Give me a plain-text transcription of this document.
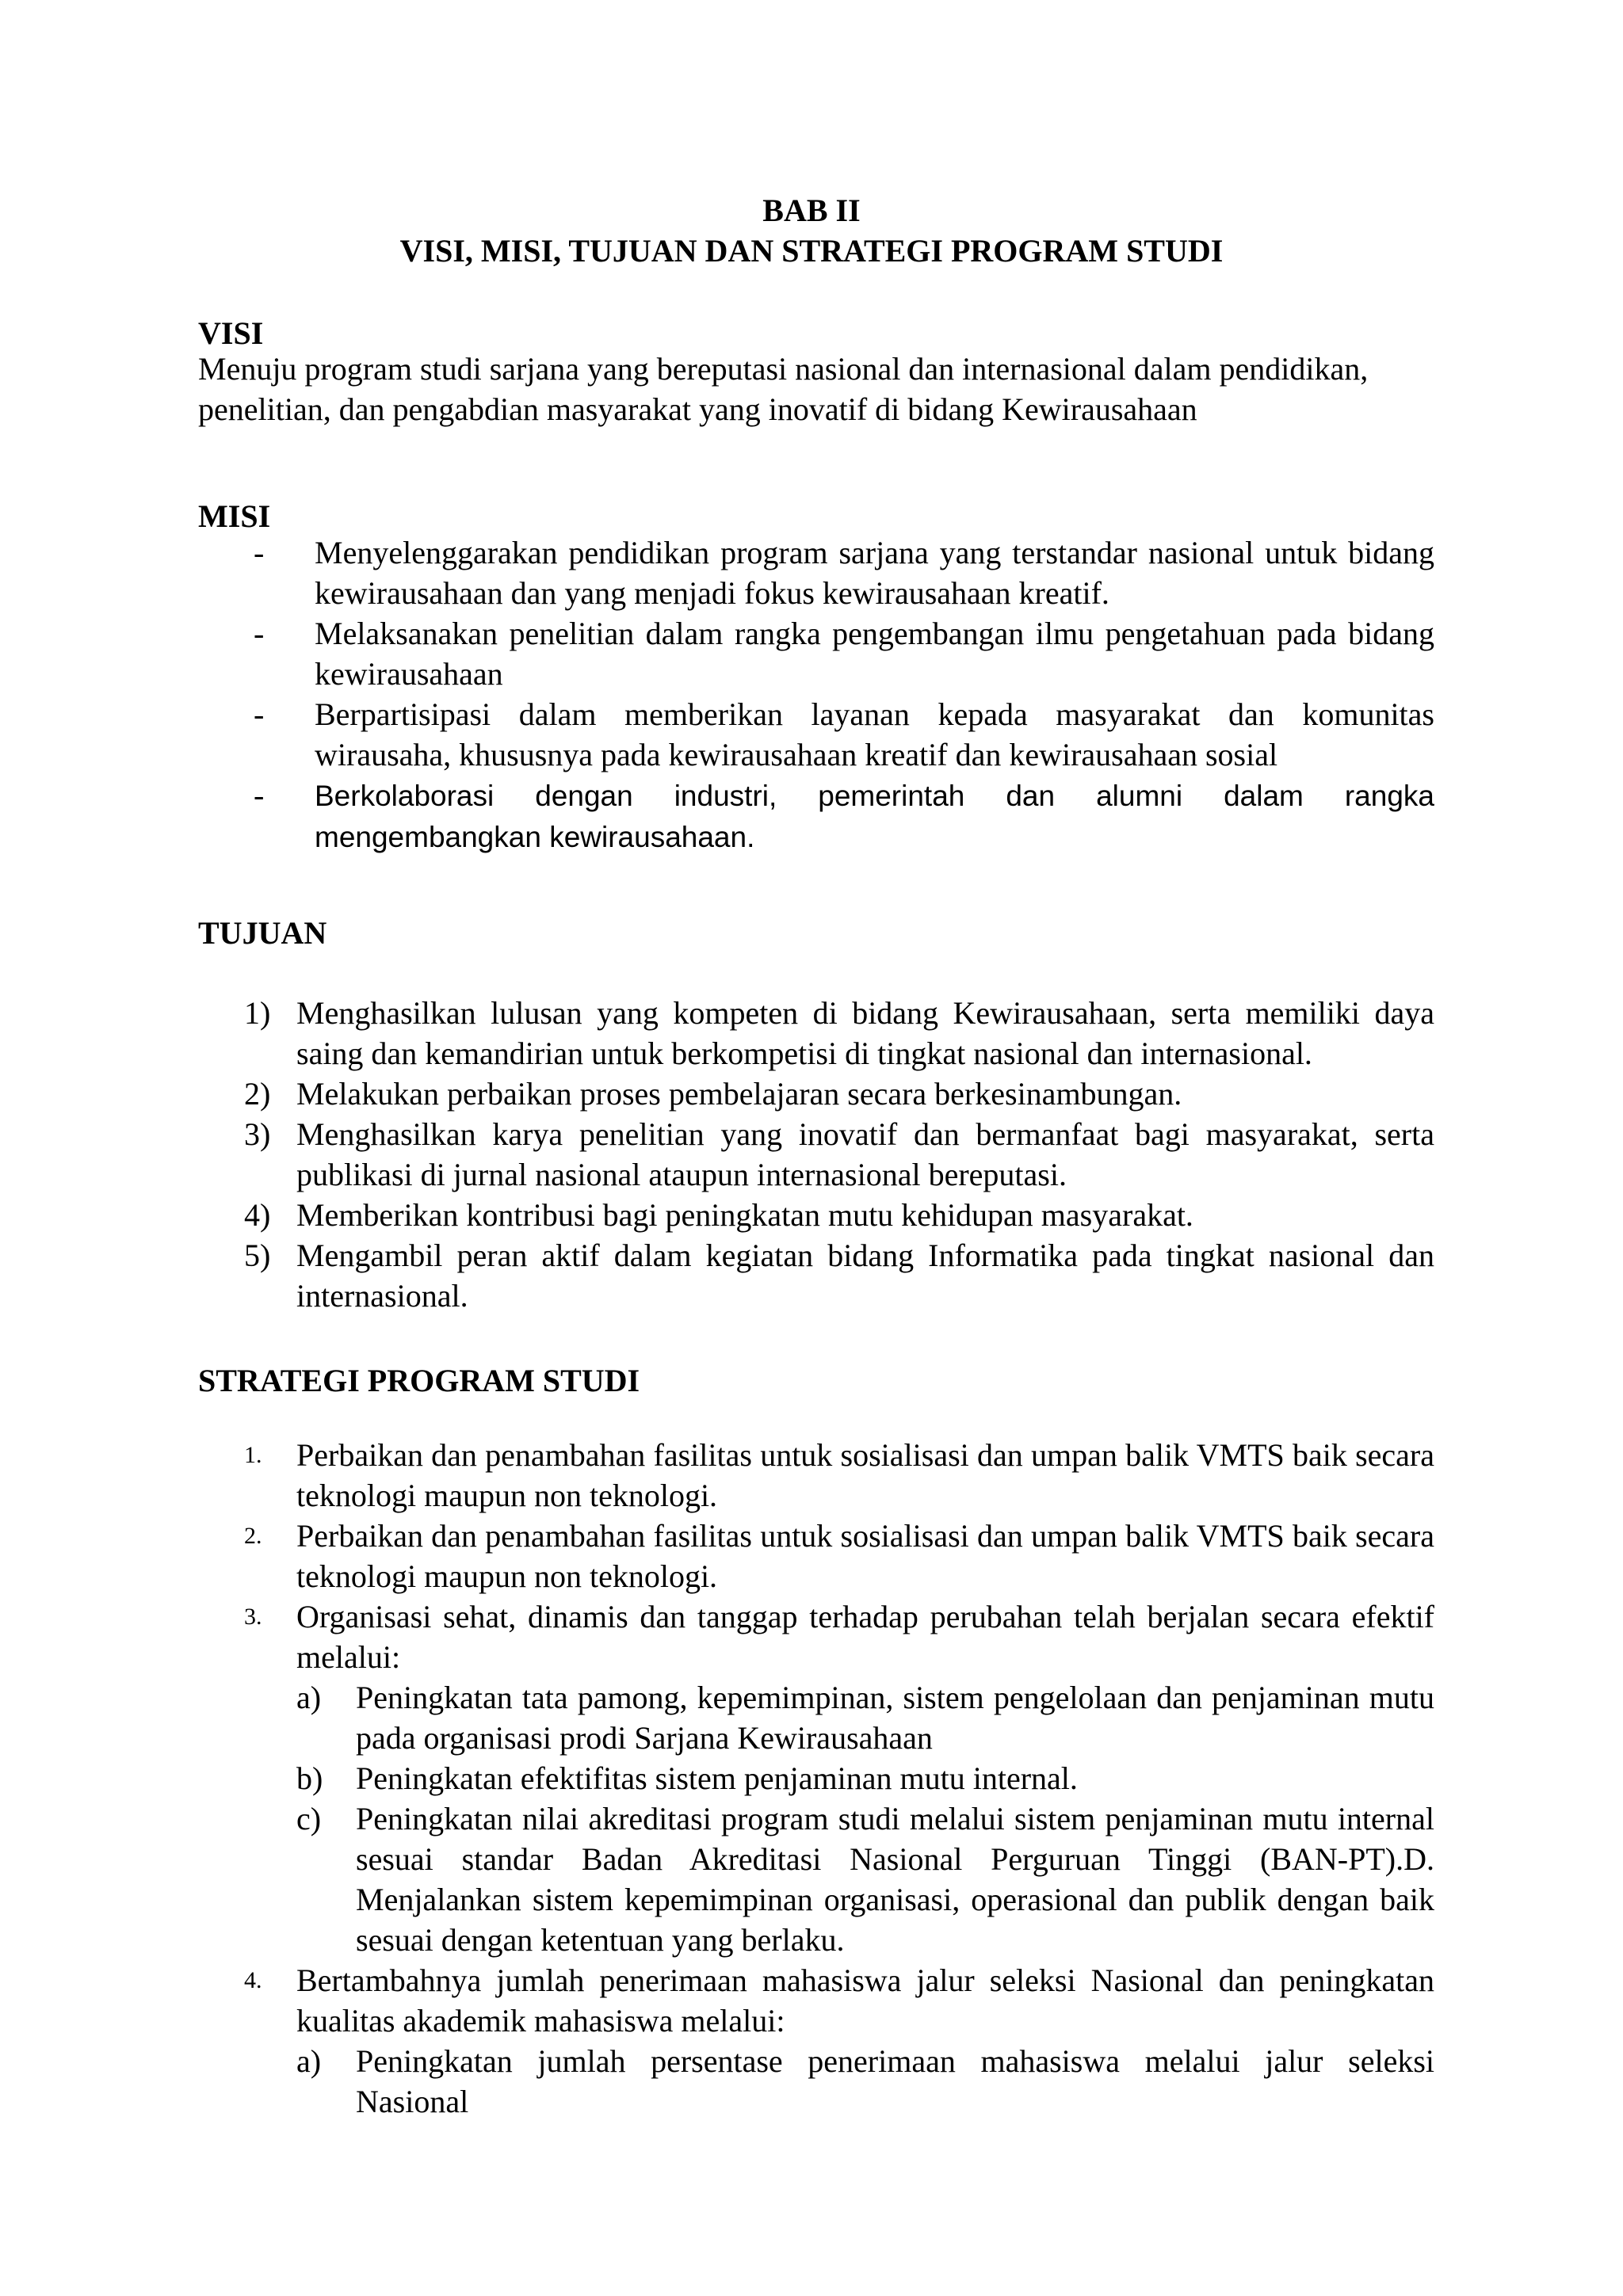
BAB II

VISI, MISI, TUJUAN DAN STRATEGI PROGRAM STUDI

VISI

Menuju program studi sarjana yang bereputasi nasional dan internasional dalam pendidikan, penelitian, dan pengabdian masyarakat yang inovatif di bidang Kewirausahaan

MISI

- Menyelenggarakan pendidikan program sarjana yang terstandar nasional untuk bidang kewirausahaan dan yang menjadi fokus kewirausahaan kreatif.
- Melaksanakan penelitian dalam rangka pengembangan ilmu pengetahuan pada bidang kewirausahaan
- Berpartisipasi dalam memberikan layanan kepada masyarakat dan komunitas wirausaha, khususnya pada kewirausahaan kreatif dan kewirausahaan sosial
- Berkolaborasi dengan industri, pemerintah dan alumni dalam rangka mengembangkan kewirausahaan.

TUJUAN

1) Menghasilkan lulusan yang kompeten di bidang Kewirausahaan, serta memiliki daya saing dan kemandirian untuk berkompetisi di tingkat nasional dan internasional.
2) Melakukan perbaikan proses pembelajaran secara berkesinambungan.
3) Menghasilkan karya penelitian yang inovatif dan bermanfaat bagi masyarakat, serta publikasi di jurnal nasional ataupun internasional bereputasi.
4) Memberikan kontribusi bagi peningkatan mutu kehidupan masyarakat.
5) Mengambil peran aktif dalam kegiatan bidang Informatika pada tingkat nasional dan internasional.

STRATEGI PROGRAM STUDI

1. Perbaikan dan penambahan fasilitas untuk sosialisasi dan umpan balik VMTS baik secara teknologi maupun non teknologi.
2. Perbaikan dan penambahan fasilitas untuk sosialisasi dan umpan balik VMTS baik secara teknologi maupun non teknologi.
3. Organisasi sehat, dinamis dan tanggap terhadap perubahan telah berjalan secara efektif melalui:
a) Peningkatan tata pamong, kepemimpinan, sistem pengelolaan dan penjaminan mutu pada organisasi prodi Sarjana Kewirausahaan
b) Peningkatan efektifitas sistem penjaminan mutu internal.
c) Peningkatan nilai akreditasi program studi melalui sistem penjaminan mutu internal sesuai standar Badan Akreditasi Nasional Perguruan Tinggi (BAN-PT).D. Menjalankan sistem kepemimpinan organisasi, operasional dan publik dengan baik sesuai dengan ketentuan yang berlaku.
4. Bertambahnya jumlah penerimaan mahasiswa jalur seleksi Nasional dan peningkatan kualitas akademik mahasiswa melalui:
a) Peningkatan jumlah persentase penerimaan mahasiswa melalui jalur seleksi Nasional
